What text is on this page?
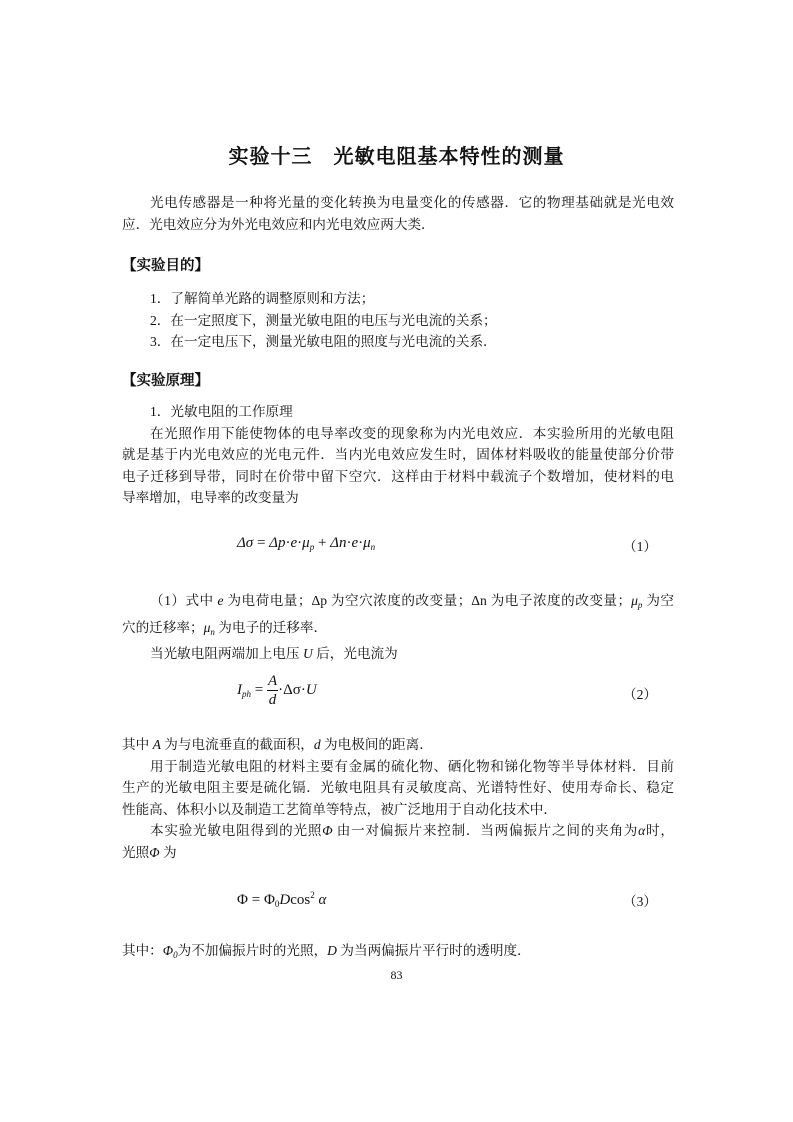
实验十三　光敏电阻基本特性的测量
光电传感器是一种将光量的变化转换为电量变化的传感器．它的物理基础就是光电效
应．光电效应分为外光电效应和内光电效应两大类．
【实验目的】
1．了解简单光路的调整原则和方法；
2．在一定照度下，测量光敏电阻的电压与光电流的关系；
3．在一定电压下，测量光敏电阻的照度与光电流的关系．
【实验原理】
1．光敏电阻的工作原理
在光照作用下能使物体的电导率改变的现象称为内光电效应．本实验所用的光敏电阻
就是基于内光电效应的光电元件．当内光电效应发生时，固体材料吸收的能量使部分价带
电子迁移到导带，同时在价带中留下空穴．这样由于材料中载流子个数增加，使材料的电
导率增加，电导率的改变量为
$\Delta\sigma = \Delta p\cdot e\cdot\mu_p + \Delta n\cdot e\cdot\mu_n$	（1）
（1）式中 e 为电荷电量；Δp 为空穴浓度的改变量；Δn 为电子浓度的改变量；$\mu_p$ 为空
穴的迁移率；$\mu_n$ 为电子的迁移率．
当光敏电阻两端加上电压 U 后，光电流为
$I_{ph} = \frac{A}{d} \cdot\Delta\sigma\cdot U$	（2）
其中 A 为与电流垂直的截面积，d 为电极间的距离．
用于制造光敏电阻的材料主要有金属的硫化物、硒化物和锑化物等半导体材料．目前
生产的光敏电阻主要是硫化镉．光敏电阻具有灵敏度高、光谱特性好、使用寿命长、稳定
性能高、体积小以及制造工艺简单等特点，被广泛地用于自动化技术中．
本实验光敏电阻得到的光照Φ 由一对偏振片来控制．当两偏振片之间的夹角为α时，
光照Φ 为
$\Phi = \Phi_0Dcos^2$ α	（3）
其中：$\Phi_0$为不加偏振片时的光照，D 为当两偏振片平行时的透明度．
83
